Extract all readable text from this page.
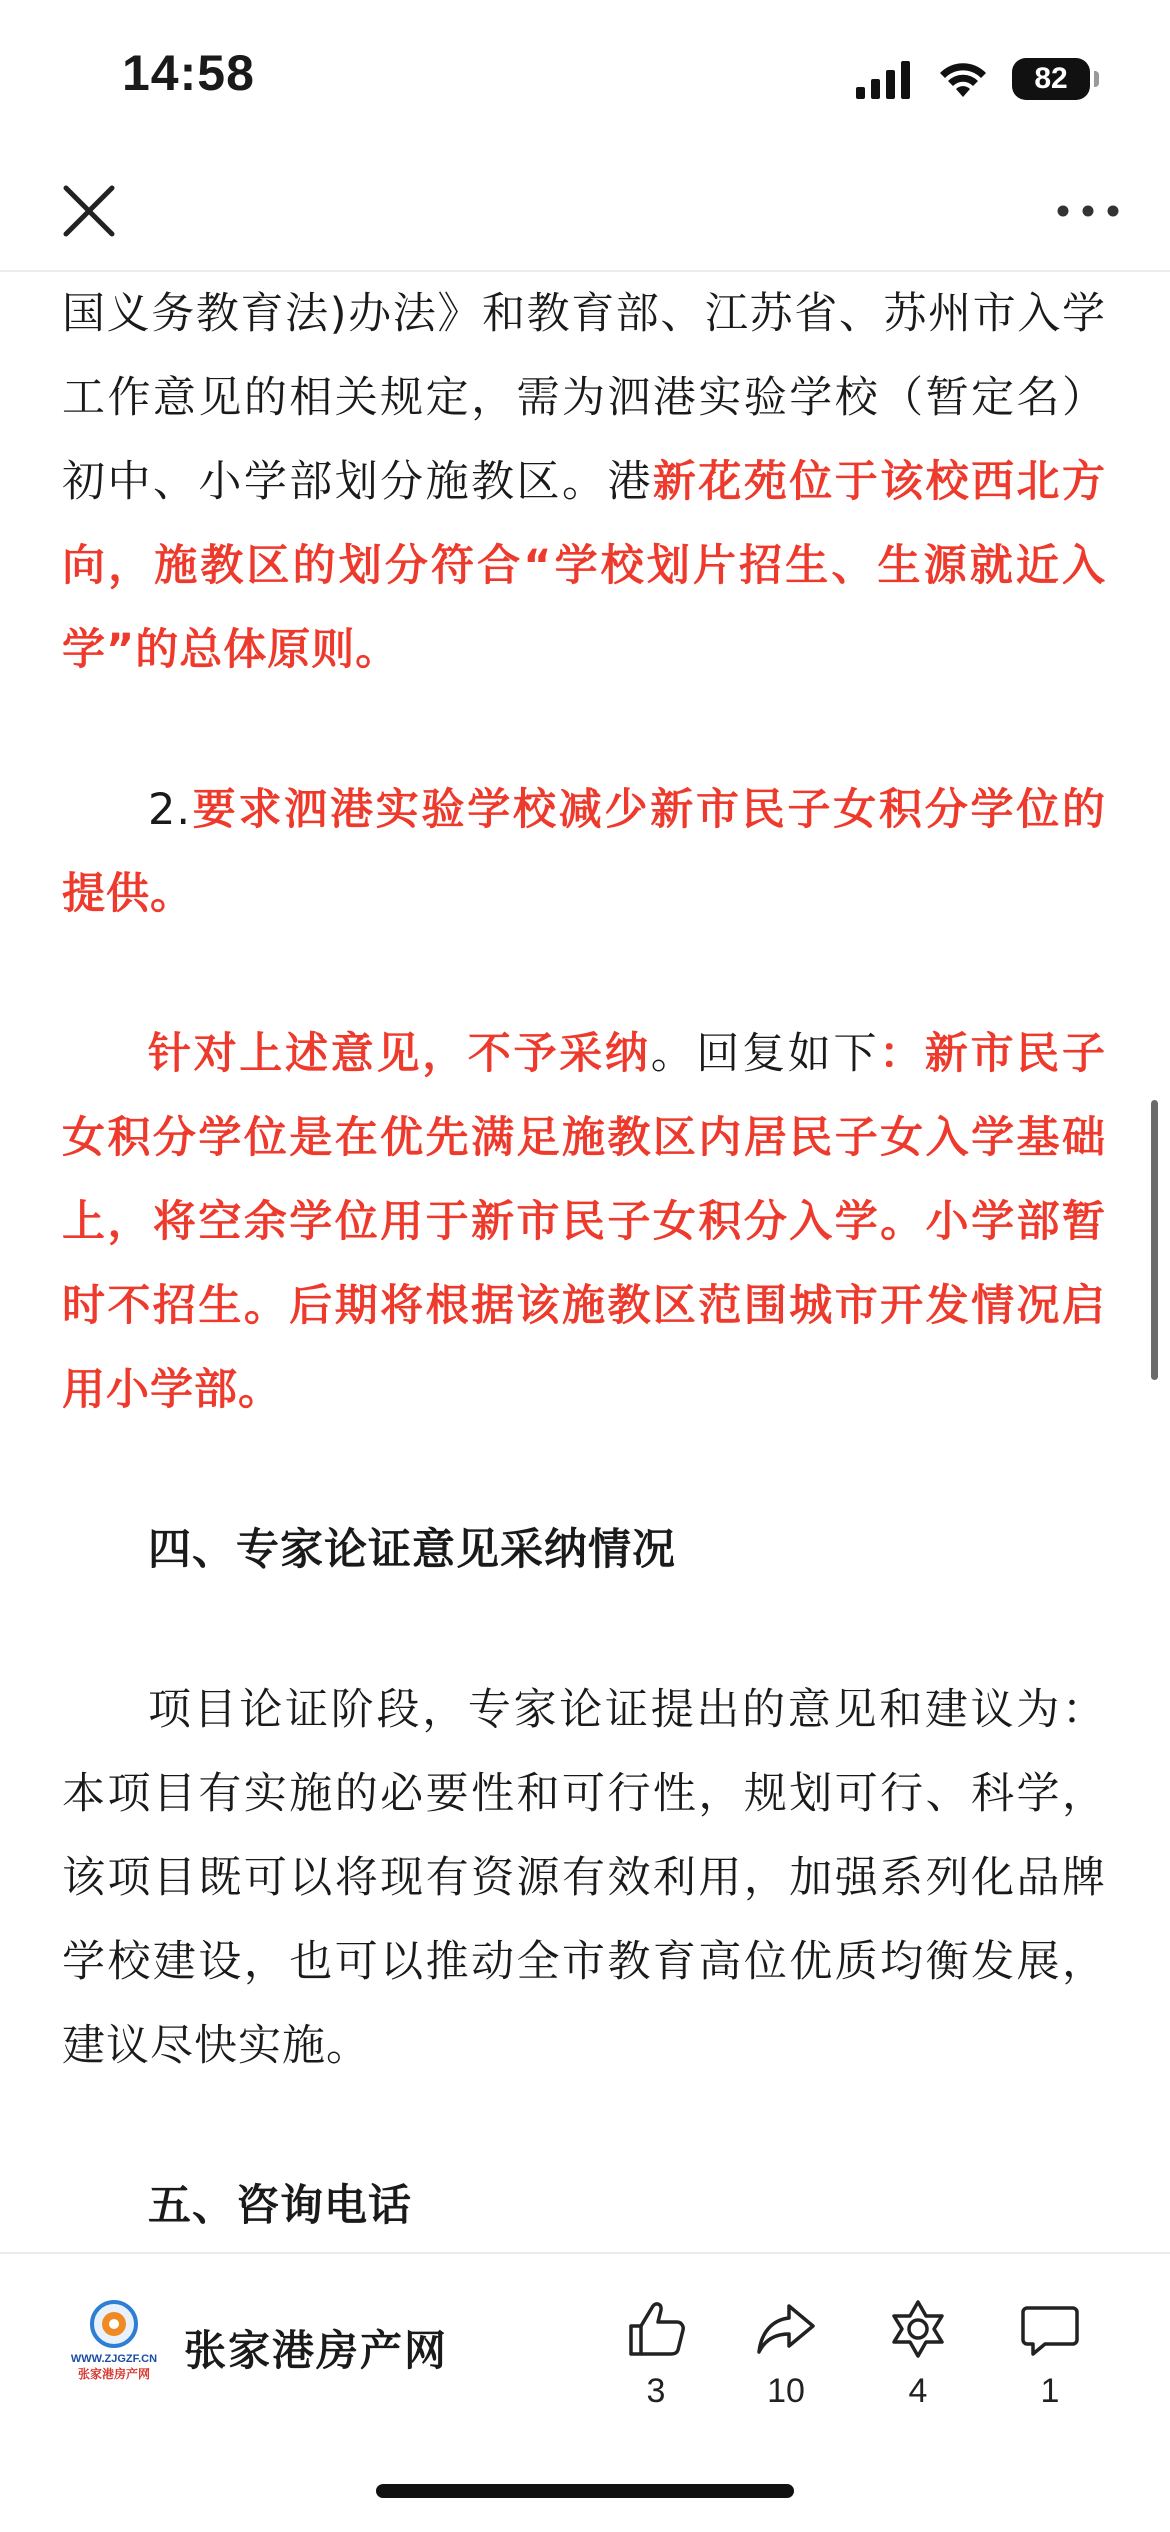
14:58	82

国义务教育法)办法》和教育部、江苏省、苏州市入学工作意见的相关规定，需为泗港实验学校（暂定名）初中、小学部划分施教区。港新花苑位于该校西北方向，施教区的划分符合“学校划片招生、生源就近入学”的总体原则。

2.要求泗港实验学校减少新市民子女积分学位的提供。

针对上述意见，不予采纳。回复如下：新市民子女积分学位是在优先满足施教区内居民子女入学基础上，将空余学位用于新市民子女积分入学。小学部暂时不招生。后期将根据该施教区范围城市开发情况启用小学部。

四、专家论证意见采纳情况

项目论证阶段，专家论证提出的意见和建议为：本项目有实施的必要性和可行性，规划可行、科学，该项目既可以将现有资源有效利用，加强系列化品牌学校建设，也可以推动全市教育高位优质均衡发展，建议尽快实施。

五、咨询电话

WWW.ZJGZF.CN
张家港房产网 张家港房产网
3	10	4	1
